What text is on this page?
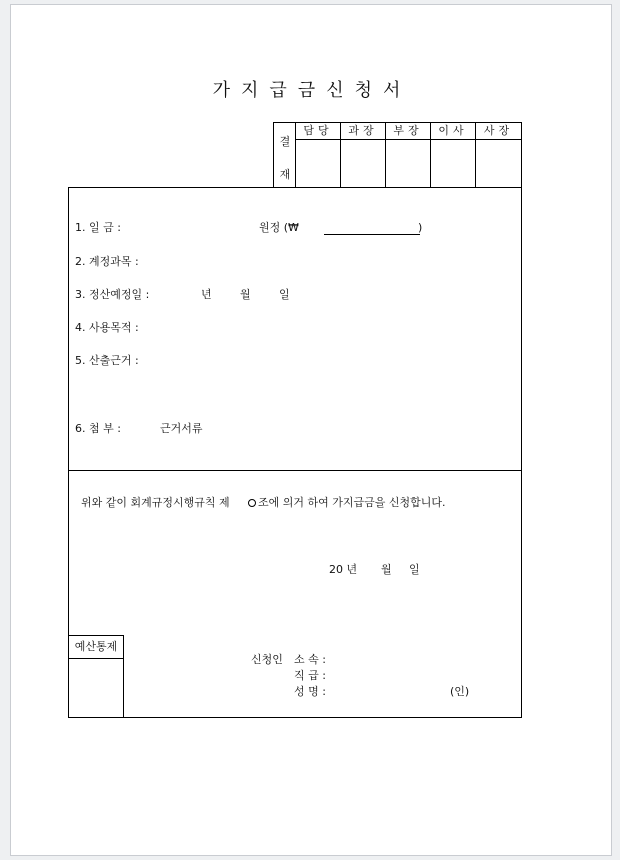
가지급금신청서
결
재
담당	과장	부장	이사	사장
1. 일 금 :	원정 (₩	)
2. 계정과목 :
3. 정산예정일 :	년	월	일
4. 사용목적 :
5. 산출근거 :
6. 첨 부 :	근거서류
위와 같이 회계규정시행규칙 제	조에 의거 하여 가지급금을 신청합니다.
20 년 월 일
예산통제
신청인 소 속 :
직 급 :
성 명 :	(인)
